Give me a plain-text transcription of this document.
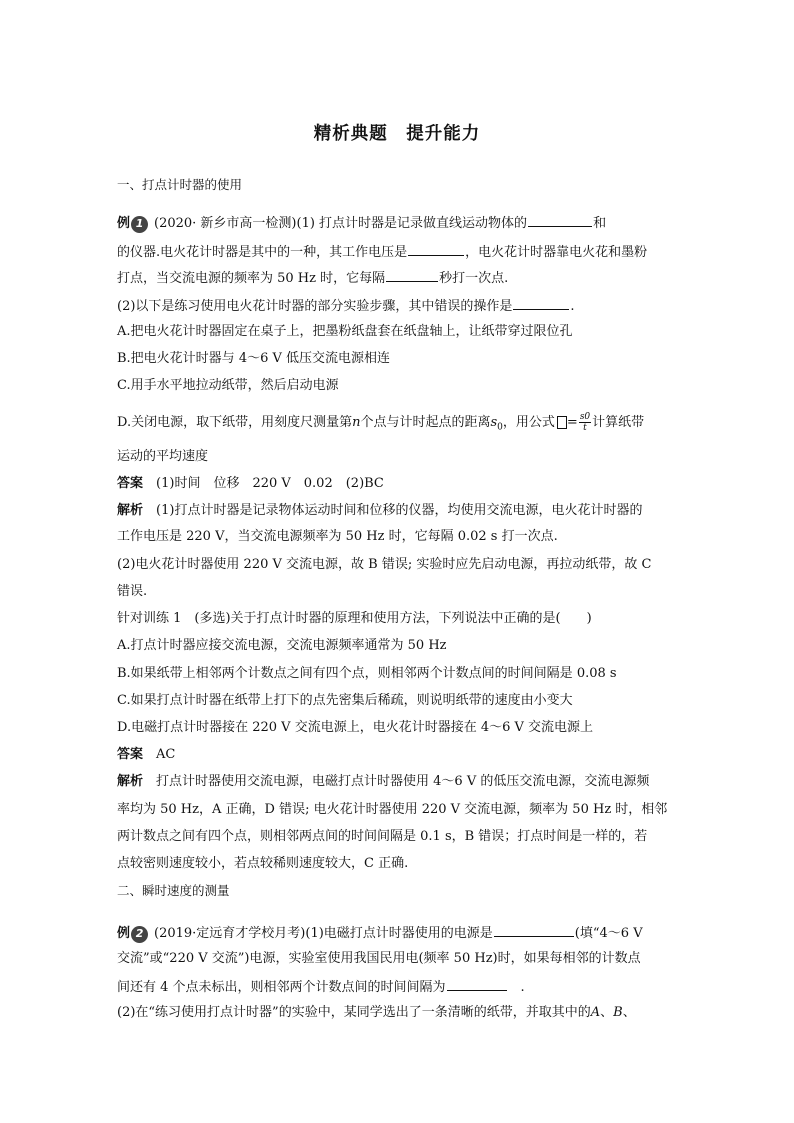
精析典题　提升能力
一、打点计时器的使用
例 1 (2020· 新乡市高一检测)(1) 打点计时器是记录做直线运动物体的	和
的仪器.电火花计时器是其中的一种，其工作电压是	，电火花计时器靠电火花和墨粉
打点，当交流电源的频率为 50 Hz 时，它每隔	秒打一次点.
(2)以下是练习使用电火花计时器的部分实验步骤，其中错误的操作是	.
A.把电火花计时器固定在桌子上，把墨粉纸盘套在纸盘轴上，让纸带穿过限位孔
B.把电火花计时器与 4～6 V 低压交流电源相连
C.用手水平地拉动纸带，然后启动电源
D.关闭电源，取下纸带，用刻度尺测量第n个点与计时起点的距离$s_0$，用公式 = $\frac{s0}{t}$ 计算纸带
运动的平均速度
答案　 (1)时间　位移　220 V　0.02　(2)BC
解析　 (1)打点计时器是记录物体运动时间和位移的仪器，均使用交流电源，电火花计时器的
工作电压是 220 V，当交流电源频率为 50 Hz 时，它每隔 0.02 s 打一次点.
(2)电火花计时器使用 220 V 交流电源，故 B 错误; 实验时应先启动电源，再拉动纸带，故 C
错误.
针对训练 1　(多选)关于打点计时器的原理和使用方法，下列说法中正确的是(　　)
A.打点计时器应接交流电源，交流电源频率通常为 50 Hz
B.如果纸带上相邻两个计数点之间有四个点，则相邻两个计数点间的时间间隔是 0.08 s
C.如果打点计时器在纸带上打下的点先密集后稀疏，则说明纸带的速度由小变大
D.电磁打点计时器接在 220 V 交流电源上，电火花计时器接在 4～6 V 交流电源上
答案　 AC
解析　 打点计时器使用交流电源，电磁打点计时器使用 4～6 V 的低压交流电源，交流电源频
率均为 50 Hz，A 正确，D 错误; 电火花计时器使用 220 V 交流电源，频率为 50 Hz 时，相邻
两计数点之间有四个点，则相邻两点间的时间间隔是 0.1 s，B 错误；打点时间是一样的，若
点较密则速度较小，若点较稀则速度较大，C 正确.
二、瞬时速度的测量
例 2 (2019·定远育才学校月考)(1)电磁打点计时器使用的电源是	(填“4～6 V
交流”或“220 V 交流”)电源，实验室使用我国民用电(频率 50 Hz)时，如果每相邻的计数点
间还有 4 个点未标出，则相邻两个计数点间的时间间隔为 	.
(2)在“练习使用打点计时器”的实验中，某同学选出了一条清晰的纸带，并取其中的A、B、
